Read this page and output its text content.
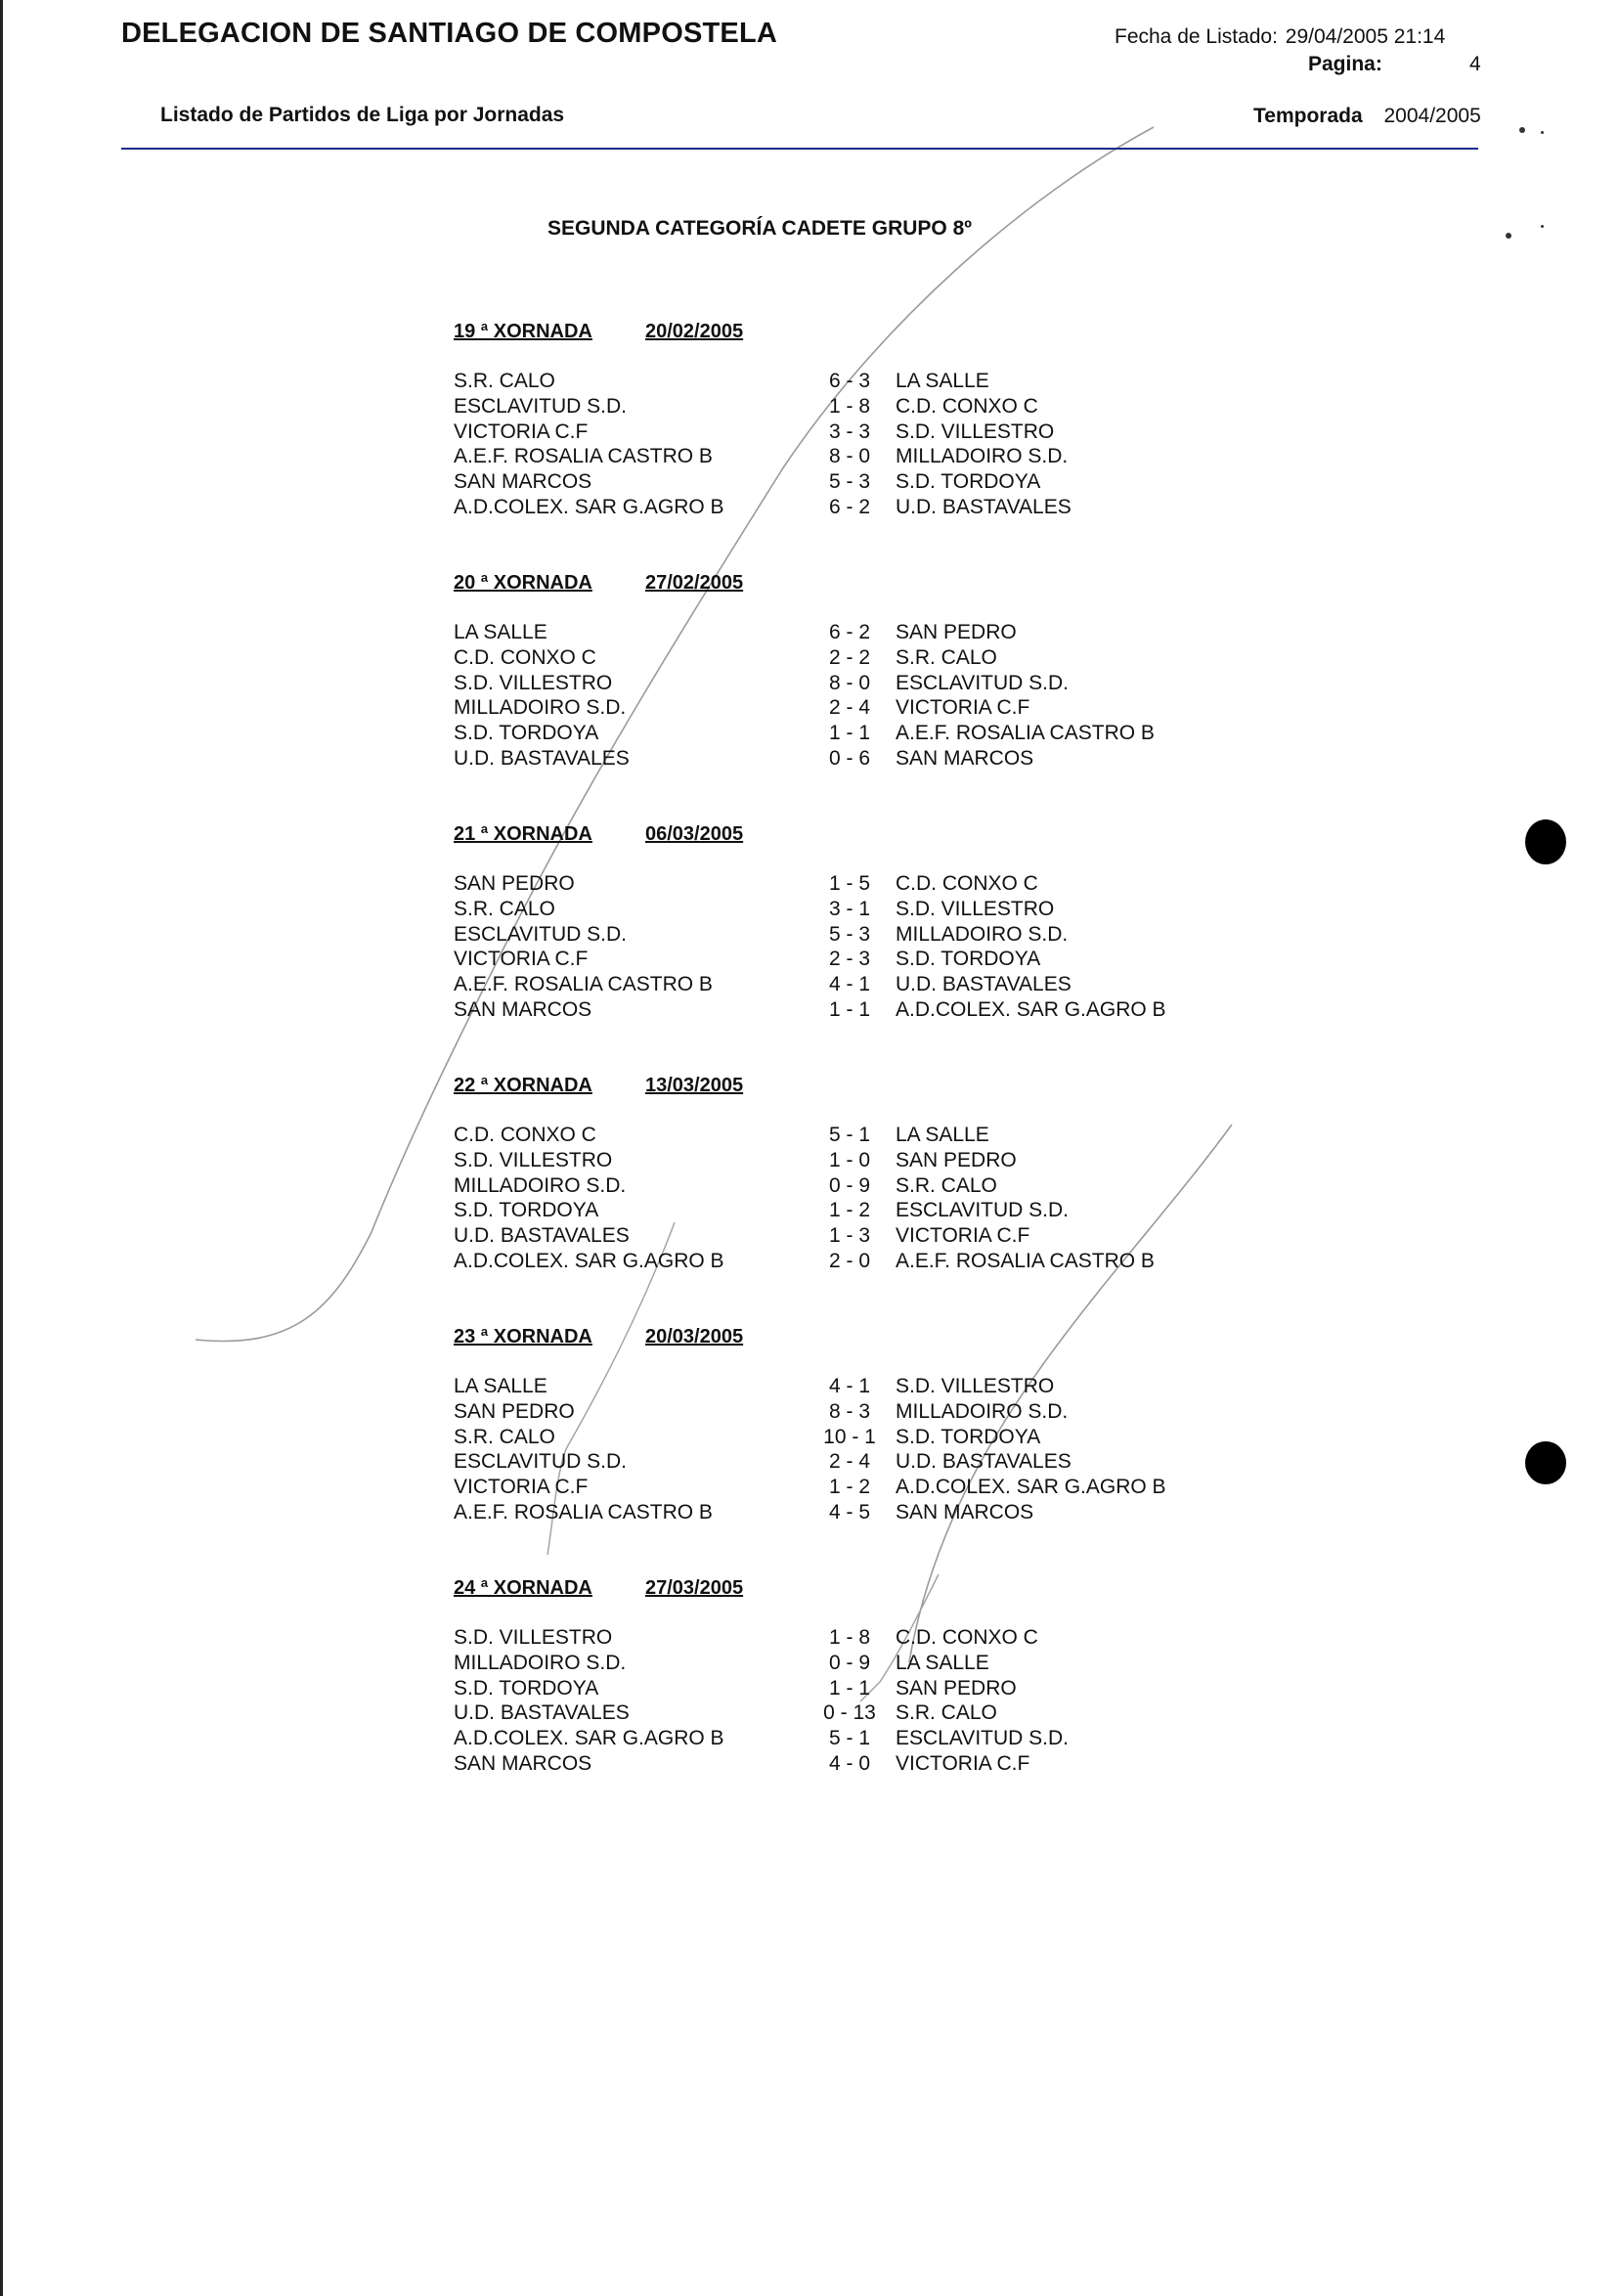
DELEGACION DE SANTIAGO DE COMPOSTELA	Fecha de Listado: 29/04/2005 21:14
Pagina:	4
Listado de Partidos de Liga por Jornadas	Temporada 2004/2005
SEGUNDA CATEGORÍA CADETE GRUPO 8º
19 ª XORNADA	20/02/2005
S.R. CALO	6 - 3	LA SALLE
ESCLAVITUD S.D.	1 - 8	C.D. CONXO C
VICTORIA C.F	3 - 3	S.D. VILLESTRO
A.E.F. ROSALIA CASTRO B	8 - 0	MILLADOIRO S.D.
SAN MARCOS	5 - 3	S.D. TORDOYA
A.D.COLEX. SAR G.AGRO B	6 - 2	U.D. BASTAVALES
20 ª XORNADA	27/02/2005
LA SALLE	6 - 2	SAN PEDRO
C.D. CONXO C	2 - 2	S.R. CALO
S.D. VILLESTRO	8 - 0	ESCLAVITUD S.D.
MILLADOIRO S.D.	2 - 4	VICTORIA C.F
S.D. TORDOYA	1 - 1	A.E.F. ROSALIA CASTRO B
U.D. BASTAVALES	0 - 6	SAN MARCOS
21 ª XORNADA	06/03/2005
SAN PEDRO	1 - 5	C.D. CONXO C
S.R. CALO	3 - 1	S.D. VILLESTRO
ESCLAVITUD S.D.	5 - 3	MILLADOIRO S.D.
VICTORIA C.F	2 - 3	S.D. TORDOYA
A.E.F. ROSALIA CASTRO B	4 - 1	U.D. BASTAVALES
SAN MARCOS	1 - 1	A.D.COLEX. SAR G.AGRO B
22 ª XORNADA	13/03/2005
C.D. CONXO C	5 - 1	LA SALLE
S.D. VILLESTRO	1 - 0	SAN PEDRO
MILLADOIRO S.D.	0 - 9	S.R. CALO
S.D. TORDOYA	1 - 2	ESCLAVITUD S.D.
U.D. BASTAVALES	1 - 3	VICTORIA C.F
A.D.COLEX. SAR G.AGRO B	2 - 0	A.E.F. ROSALIA CASTRO B
23 ª XORNADA	20/03/2005
LA SALLE	4 - 1	S.D. VILLESTRO
SAN PEDRO	8 - 3	MILLADOIRO S.D.
S.R. CALO	10 - 1 S.D. TORDOYA
ESCLAVITUD S.D.	2 - 4	U.D. BASTAVALES
VICTORIA C.F	1 - 2	A.D.COLEX. SAR G.AGRO B
A.E.F. ROSALIA CASTRO B	4 - 5	SAN MARCOS
24 ª XORNADA	27/03/2005
S.D. VILLESTRO	1 - 8	C.D. CONXO C
MILLADOIRO S.D.	0 - 9	LA SALLE
S.D. TORDOYA	1 - 1	SAN PEDRO
U.D. BASTAVALES	0 - 13 S.R. CALO
A.D.COLEX. SAR G.AGRO B	5 - 1	ESCLAVITUD S.D.
SAN MARCOS	4 - 0	VICTORIA C.F
